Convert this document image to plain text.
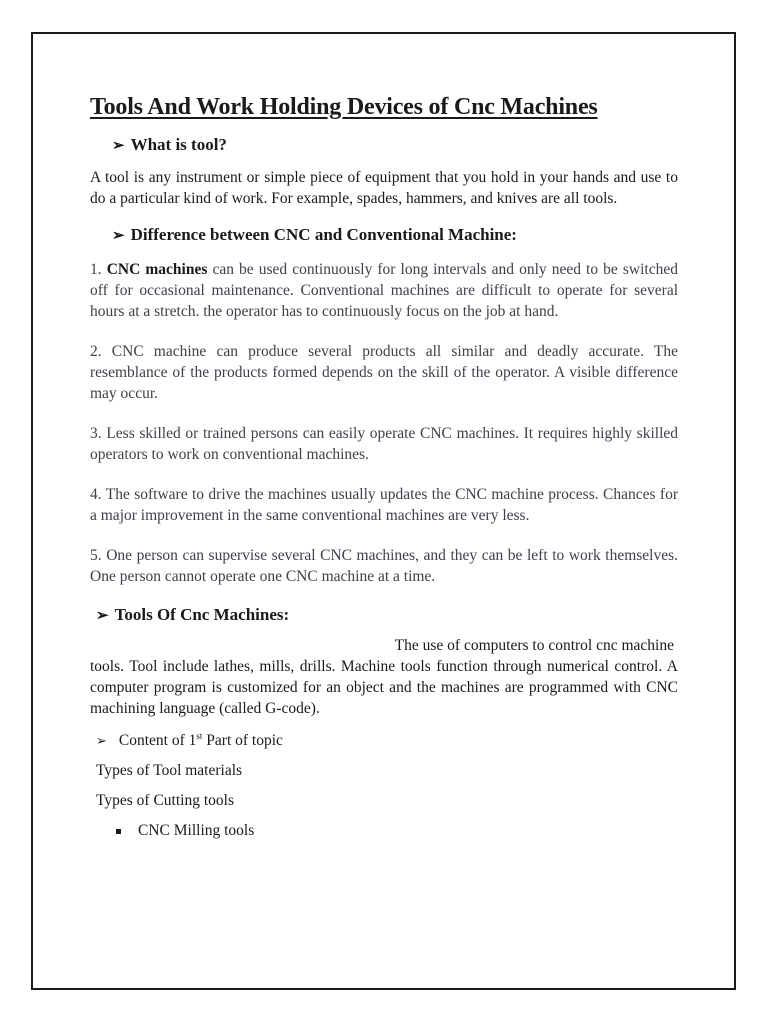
Tools And Work Holding Devices of Cnc Machines
➢ What is tool?

A tool is any instrument or simple piece of equipment that you hold in your hands and use to do a particular kind of work. For example, spades, hammers, and knives are all tools.

➢ Difference between CNC and Conventional Machine:

1. CNC machines can be used continuously for long intervals and only need to be switched off for occasional maintenance. Conventional machines are difficult to operate for several hours at a stretch. the operator has to continuously focus on the job at hand.

2. CNC machine can produce several products all similar and deadly accurate. The resemblance of the products formed depends on the skill of the operator. A visible difference may occur.

3. Less skilled or trained persons can easily operate CNC machines. It requires highly skilled operators to work on conventional machines.

4. The software to drive the machines usually updates the CNC machine process. Chances for a major improvement in the same conventional machines are very less.

5. One person can supervise several CNC machines, and they can be left to work themselves. One person cannot operate one CNC machine at a time.

➢ Tools Of Cnc Machines:

The use of computers to control cnc machine

tools. Tool include lathes, mills, drills. Machine tools function through numerical control. A computer program is customized for an object and the machines are programmed with CNC machining language (called G-code).

➢ Content of 1st Part of topic
Types of Tool materials
Types of Cutting tools
CNC Milling tools
